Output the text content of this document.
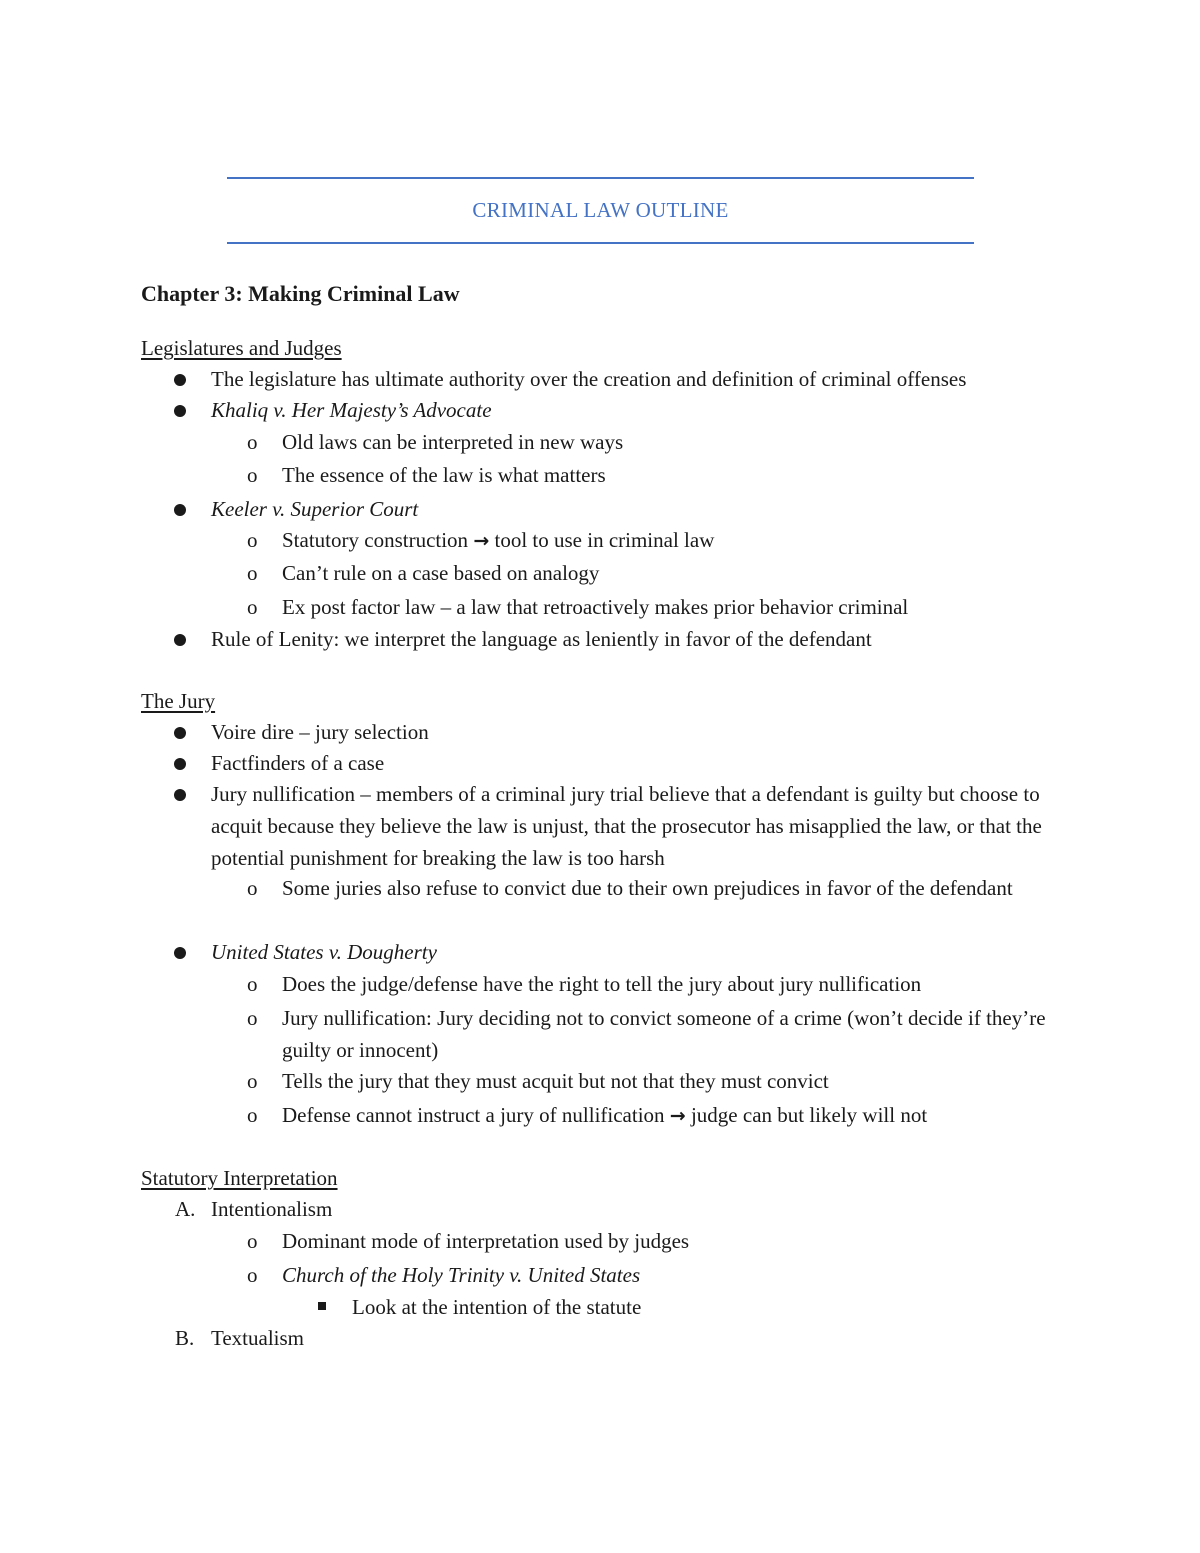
CRIMINAL LAW OUTLINE
Chapter 3: Making Criminal Law
Legislatures and Judges

The legislature has ultimate authority over the creation and definition of criminal offenses

Khaliq v. Her Majesty’s Advocate

o Old laws can be interpreted in new ways

o The essence of the law is what matters

Keeler v. Superior Court

o Statutory construction → tool to use in criminal law

o Can’t rule on a case based on analogy

o Ex post factor law – a law that retroactively makes prior behavior criminal

Rule of Lenity: we interpret the language as leniently in favor of the defendant

The Jury

Voire dire – jury selection

Factfinders of a case

Jury nullification – members of a criminal jury trial believe that a defendant is guilty but choose to acquit because they believe the law is unjust, that the prosecutor has misapplied the law, or that the potential punishment for breaking the law is too harsh

o Some juries also refuse to convict due to their own prejudices in favor of the defendant

United States v. Dougherty

o Does the judge/defense have the right to tell the jury about jury nullification

o Jury nullification: Jury deciding not to convict someone of a crime (won’t decide if they’re guilty or innocent)

o Tells the jury that they must acquit but not that they must convict

o Defense cannot instruct a jury of nullification → judge can but likely will not

Statutory Interpretation
A. Intentionalism

o Dominant mode of interpretation used by judges

o Church of the Holy Trinity v. United States

Look at the intention of the statute

B. Textualism
